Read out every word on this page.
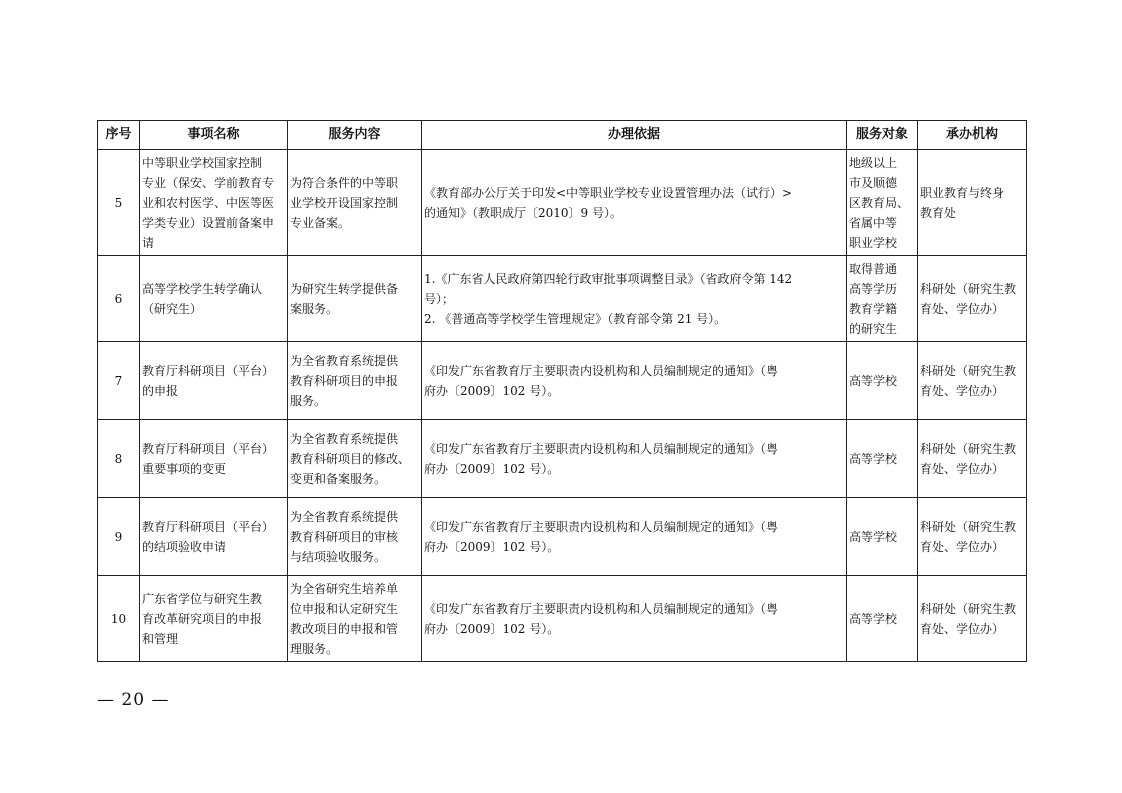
序号	事项名称	服务内容	办理依据	服务对象	承办机构
5	中等职业学校国家控制
专业（保安、学前教育专
业和农村医学、中医等医
学类专业）设置前备案申
请	为符合条件的中等职
业学校开设国家控制
专业备案。	《教育部办公厅关于印发<中等职业学校专业设置管理办法（试行）>
的通知》（教职成厅〔2010〕9 号）。	地级以上
市及顺德
区教育局、
省属中等
职业学校	职业教育与终身
教育处

6	高等学校学生转学确认
（研究生）	为研究生转学提供备
案服务。	1.《广东省人民政府第四轮行政审批事项调整目录》（省政府令第 142
号）；
2. 《普通高等学校学生管理规定》（教育部令第 21 号）。	取得普通
高等学历
教育学籍
的研究生	科研处（研究生教
育处、学位办）

7	教育厅科研项目（平台）
的申报	为全省教育系统提供
教育科研项目的申报
服务。	《印发广东省教育厅主要职责内设机构和人员编制规定的通知》（粤
府办〔2009〕102 号）。	高等学校	科研处（研究生教
育处、学位办）

8	教育厅科研项目（平台）
重要事项的变更	为全省教育系统提供
教育科研项目的修改、
变更和备案服务。	《印发广东省教育厅主要职责内设机构和人员编制规定的通知》（粤
府办〔2009〕102 号）。	高等学校	科研处（研究生教
育处、学位办）

9	教育厅科研项目（平台）
的结项验收申请	为全省教育系统提供
教育科研项目的审核
与结项验收服务。	《印发广东省教育厅主要职责内设机构和人员编制规定的通知》（粤
府办〔2009〕102 号）。	高等学校	科研处（研究生教
育处、学位办）

10	广东省学位与研究生教
育改革研究项目的申报
和管理	为全省研究生培养单
位申报和认定研究生
教改项目的申报和管
理服务。	《印发广东省教育厅主要职责内设机构和人员编制规定的通知》（粤
府办〔2009〕102 号）。	高等学校	科研处（研究生教
育处、学位办）
— 20 —
